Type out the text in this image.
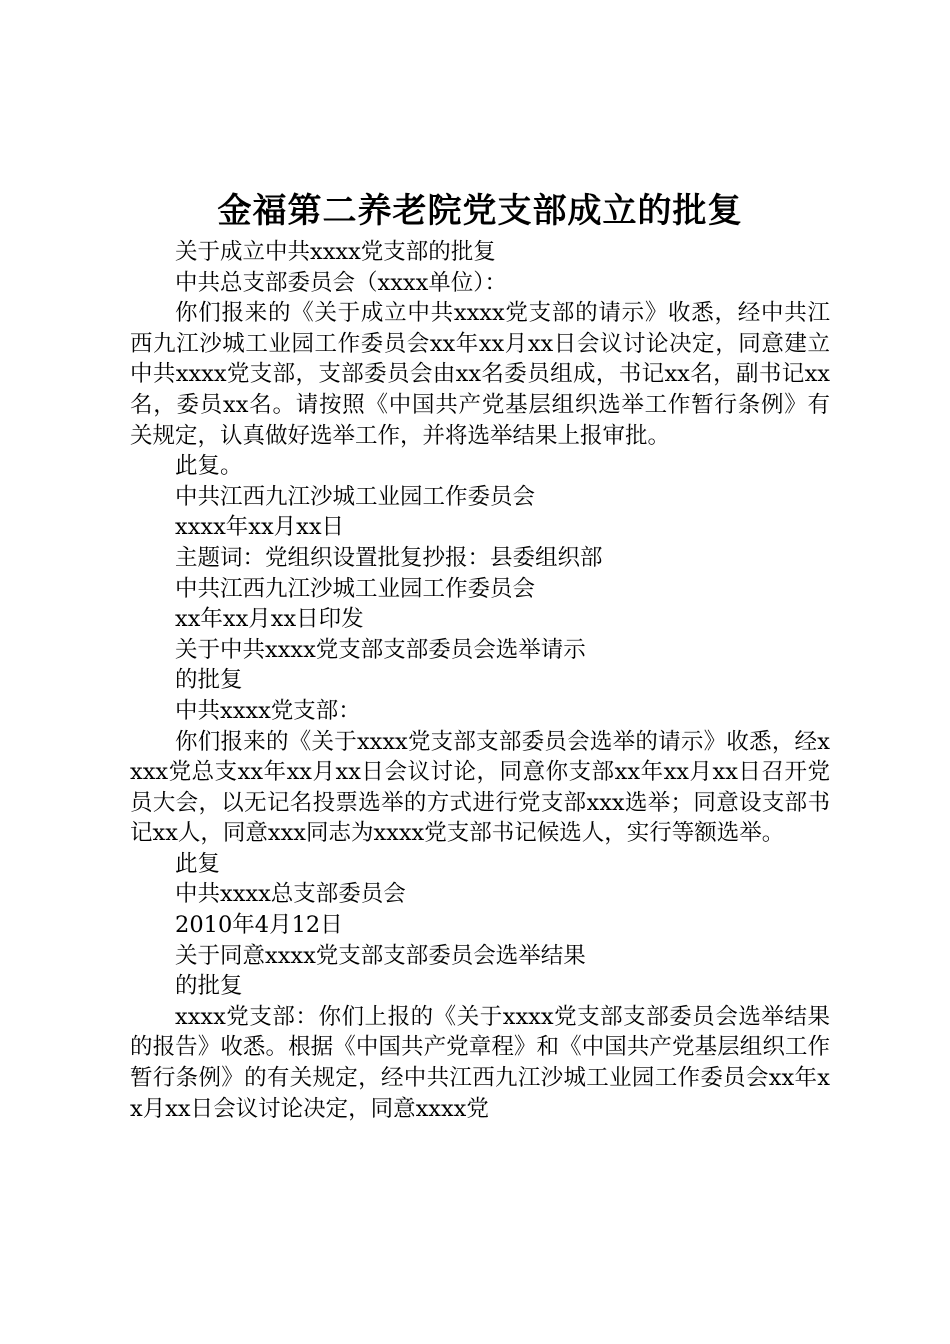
金福第二养老院党支部成立的批复

关于成立中共xxxx党支部的批复

中共总支部委员会（xxxx单位）：

你们报来的《关于成立中共xxxx党支部的请示》收悉，经中共江西九江沙城工业园工作委员会xx年xx月xx日会议讨论决定，同意建立中共xxxx党支部，支部委员会由xx名委员组成，书记xx名，副书记xx名，委员xx名。请按照《中国共产党基层组织选举工作暂行条例》有关规定，认真做好选举工作，并将选举结果上报审批。

此复。

中共江西九江沙城工业园工作委员会

xxxx年xx月xx日

主题词：党组织设置批复抄报：县委组织部

中共江西九江沙城工业园工作委员会

xx年xx月xx日印发

关于中共xxxx党支部支部委员会选举请示

的批复

中共xxxx党支部：

你们报来的《关于xxxx党支部支部委员会选举的请示》收悉，经xxxx党总支xx年xx月xx日会议讨论，同意你支部xx年xx月xx日召开党员大会，以无记名投票选举的方式进行党支部xxx选举；同意设支部书记xx人，同意xxx同志为xxxx党支部书记候选人，实行等额选举。

此复

中共xxxx总支部委员会

2010年4月12日

关于同意xxxx党支部支部委员会选举结果

的批复

xxxx党支部：你们上报的《关于xxxx党支部支部委员会选举结果的报告》收悉。根据《中国共产党章程》和《中国共产党基层组织工作暂行条例》的有关规定，经中共江西九江沙城工业园工作委员会xx年xx月xx日会议讨论决定，同意xxxx党
